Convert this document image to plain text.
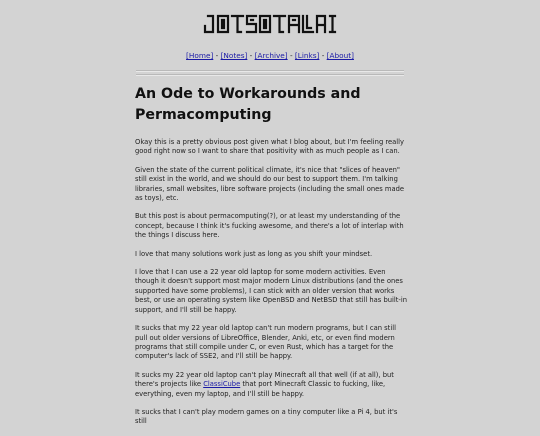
[Home] - [Notes] - [Archive] - [Links] - [About]
An Ode to Workarounds and Permacomputing

Okay this is a pretty obvious post given what I blog about, but I'm feeling really good right now so I want to share that positivity with as much people as I can.

Given the state of the current political climate, it's nice that "slices of heaven" still exist in the world, and we should do our best to support them. I'm talking libraries, small websites, libre software projects (including the small ones made as toys), etc.

But this post is about permacomputing(?), or at least my understanding of the concept, because I think it's fucking awesome, and there's a lot of interlap with the things I discuss here.

I love that many solutions work just as long as you shift your mindset.

I love that I can use a 22 year old laptop for some modern activities. Even though it doesn't support most major modern Linux distributions (and the ones supported have some problems), I can stick with an older version that works best, or use an operating system like OpenBSD and NetBSD that still has built-in support, and I'll still be happy.

It sucks that my 22 year old laptop can't run modern programs, but I can still pull out older versions of LibreOffice, Blender, Anki, etc, or even find modern programs that still compile under C, or even Rust, which has a target for the computer's lack of SSE2, and I'll still be happy.

It sucks my 22 year old laptop can't play Minecraft all that well (if at all), but there's projects like ClassiCube that port Minecraft Classic to fucking, like, everything, even my laptop, and I'll still be happy.

It sucks that I can't play modern games on a tiny computer like a Pi 4, but it's still
